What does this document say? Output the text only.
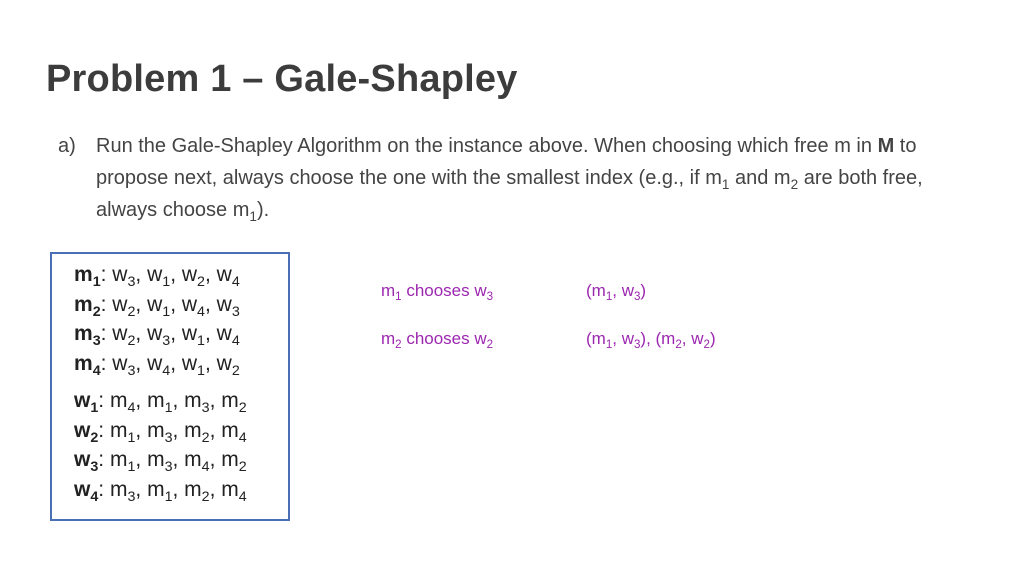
Problem 1 – Gale-Shapley
a) Run the Gale-Shapley Algorithm on the instance above. When choosing which free m in M to propose next, always choose the one with the smallest index (e.g., if $m_1$ and $m_2$ are both free, always choose $m_1$).
$m_1$: $w_3$, $w_1$, $w_2$, $w_4$
$m_2$: $w_2$, $w_1$, $w_4$, $w_3$
$m_3$: $w_2$, $w_3$, $w_1$, $w_4$
$m_4$: $w_3$, $w_4$, $w_1$, $w_2$
$w_1$: $m_4$, $m_1$, $m_3$, $m_2$
$w_2$: $m_1$, $m_3$, $m_2$, $m_4$
$w_3$: $m_1$, $m_3$, $m_4$, $m_2$
$w_4$: $m_3$, $m_1$, $m_2$, $m_4$
$m_1$ chooses $w_3$	($m_1$, $w_3$)
$m_2$ chooses $w_2$	($m_1$, $w_3$), ($m_2$, $w_2$)
